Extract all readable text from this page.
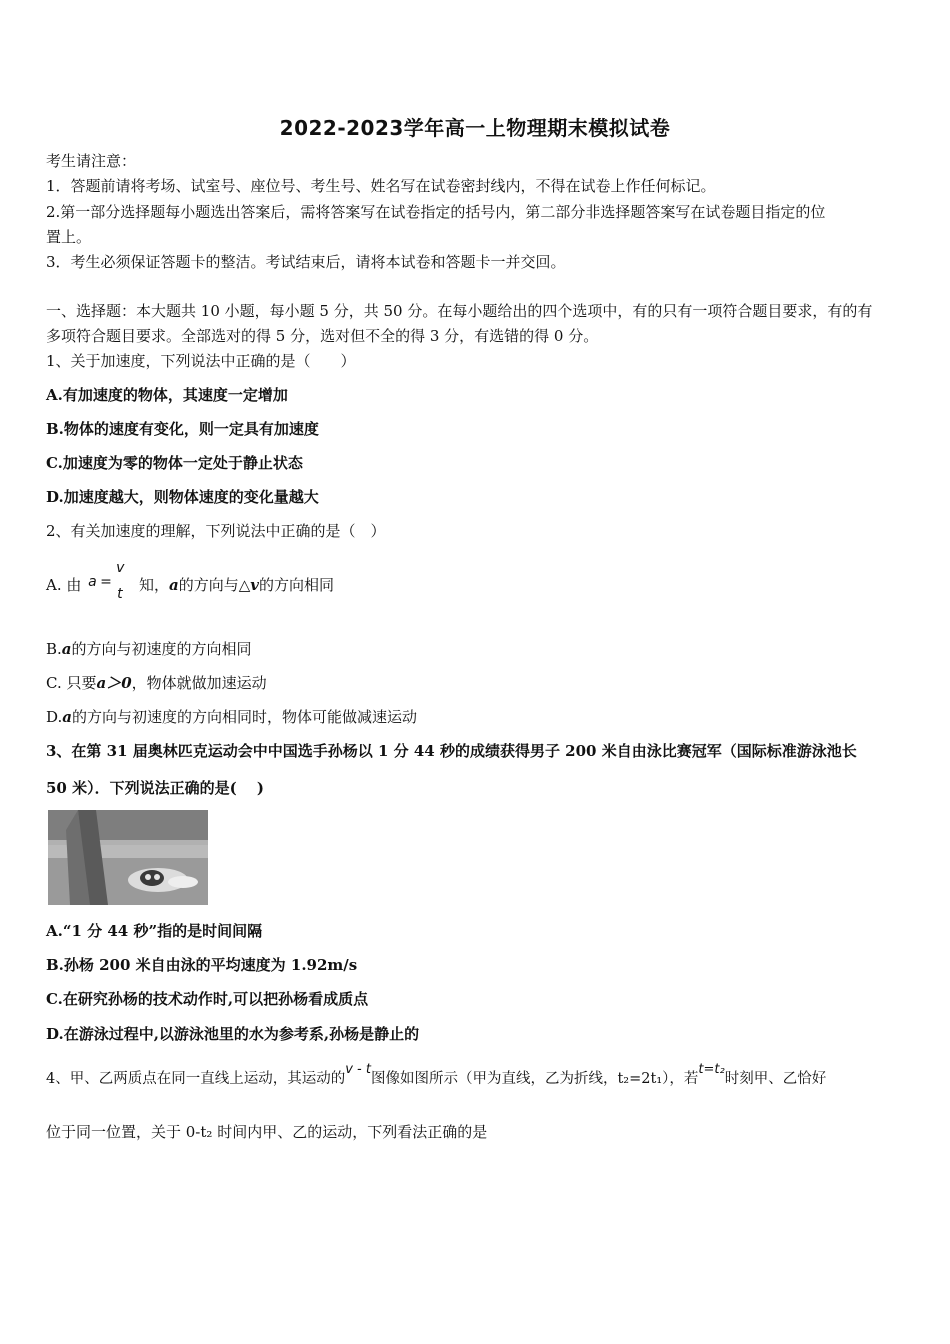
2022-2023学年高一上物理期末模拟试卷
考生请注意：
1．答题前请将考场、试室号、座位号、考生号、姓名写在试卷密封线内，不得在试卷上作任何标记。
2.第一部分选择题每小题选出答案后，需将答案写在试卷指定的括号内，第二部分非选择题答案写在试卷题目指定的位
置上。
3．考生必须保证答题卡的整洁。考试结束后，请将本试卷和答题卡一并交回。
一、选择题：本大题共 10 小题，每小题 5 分，共 50 分。在每小题给出的四个选项中，有的只有一项符合题目要求，有的有
多项符合题目要求。全部选对的得 5 分，选对但不全的得 3 分，有选错的得 0 分。
1、关于加速度，下列说法中正确的是（　　）
A.有加速度的物体，其速度一定增加
B.物体的速度有变化，则一定具有加速度
C.加速度为零的物体一定处于静止状态
D.加速度越大，则物体速度的变化量越大
2、有关加速度的理解，下列说法中正确的是（　）
A. 由 a =
v
t 知，a的方向与△v的方向相同
B.a的方向与初速度的方向相同
C. 只要a＞0，物体就做加速运动
D.a的方向与初速度的方向相同时，物体可能做减速运动
3、在第 31 届奥林匹克运动会中中国选手孙杨以 1 分 44 秒的成绩获得男子 200 米自由泳比赛冠军（国际标准游泳池长
50 米）．下列说法正确的是(　 )
A.“1 分 44 秒”指的是时间间隔
B.孙杨 200 米自由泳的平均速度为 1.92m/s
C.在研究孙杨的技术动作时,可以把孙杨看成质点
D.在游泳过程中,以游泳池里的水为参考系,孙杨是静止的
4、甲、乙两质点在同一直线上运动，其运动的v - t图像如图所示（甲为直线，乙为折线，t₂=2t₁），若t=t₂时刻甲、乙恰好
位于同一位置，关于 0-t₂ 时间内甲、乙的运动，下列看法正确的是
